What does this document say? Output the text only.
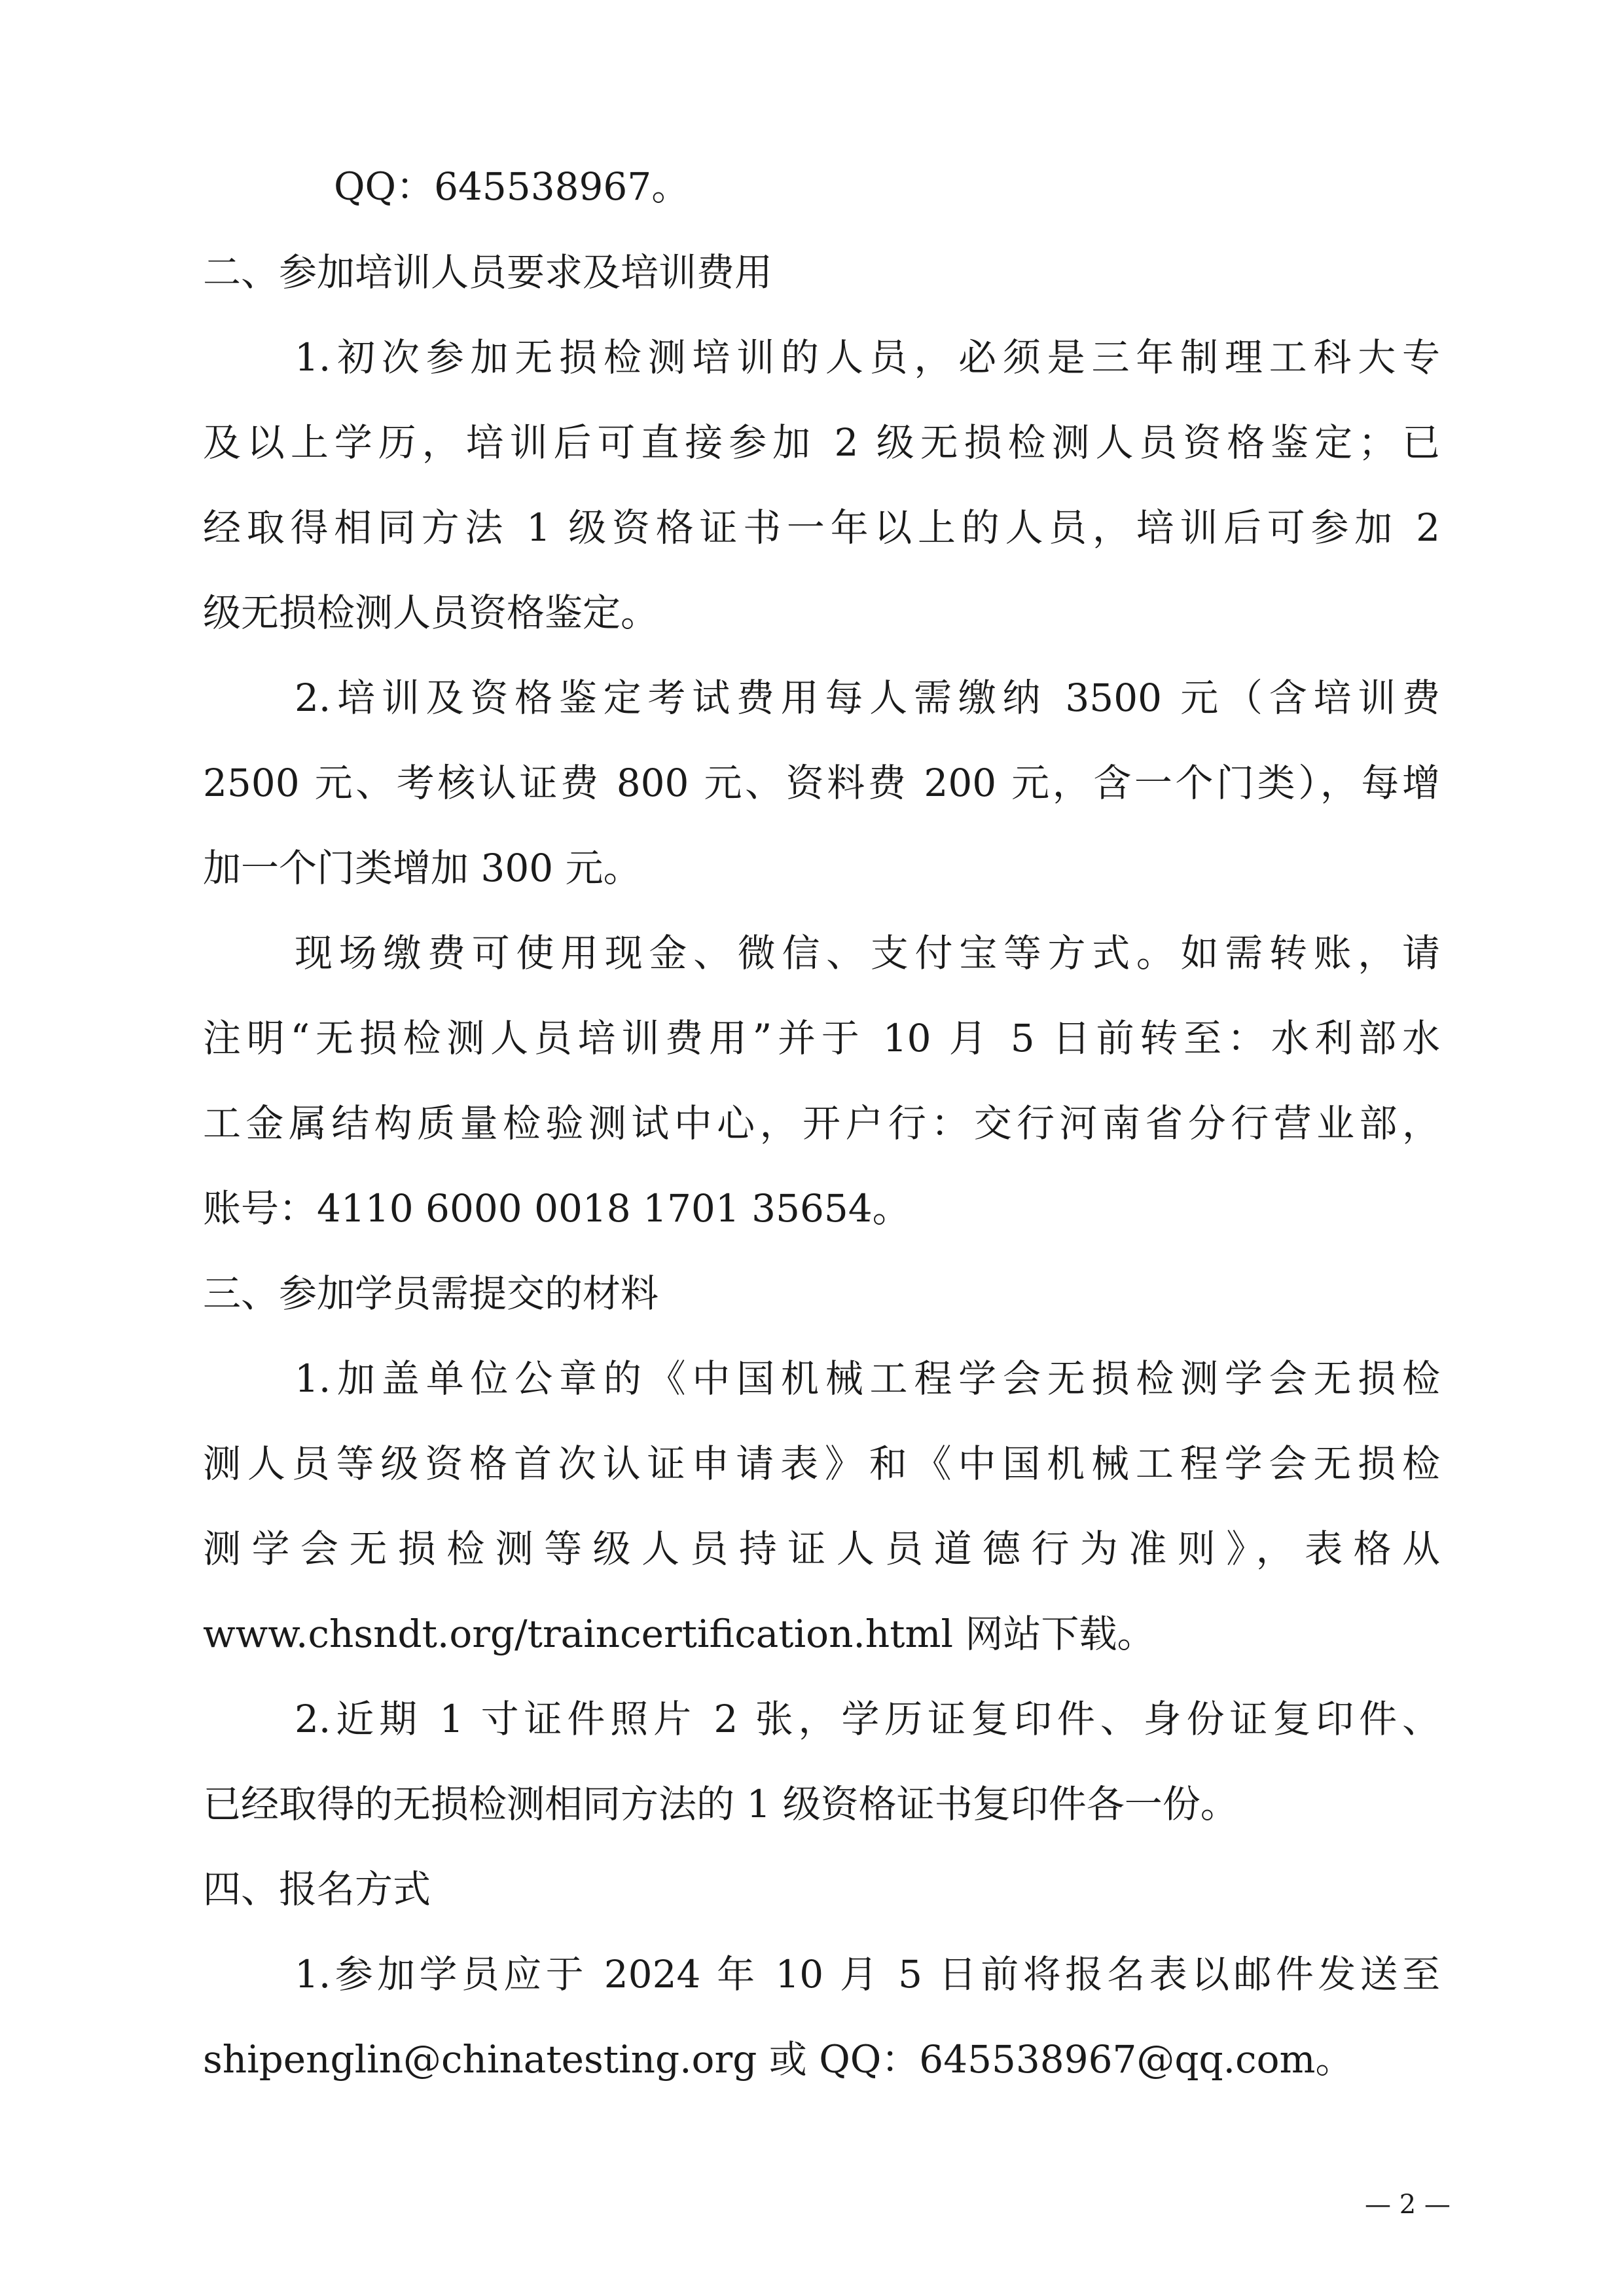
QQ：645538967。
二、参加培训人员要求及培训费用
1.初次参加无损检测培训的人员，必须是三年制理工科大专
及以上学历，培训后可直接参加 2 级无损检测人员资格鉴定；已
经取得相同方法 1 级资格证书一年以上的人员，培训后可参加 2
级无损检测人员资格鉴定。
2.培训及资格鉴定考试费用每人需缴纳 3500 元（含培训费
2500 元、考核认证费 800 元、资料费 200 元，含一个门类），每增
加一个门类增加 300 元。
现场缴费可使用现金、微信、支付宝等方式。如需转账，请
注明“无损检测人员培训费用”并于 10 月 5 日前转至：水利部水
工金属结构质量检验测试中心，开户行：交行河南省分行营业部，
账号：4110 6000 0018 1701 35654。
三、参加学员需提交的材料
1.加盖单位公章的《中国机械工程学会无损检测学会无损检
测人员等级资格首次认证申请表》和《中国机械工程学会无损检
测学会无损检测等级人员持证人员道德行为准则》，表格从
www.chsndt.org/traincertification.html 网站下载。
2.近期 1 寸证件照片 2 张，学历证复印件、身份证复印件、
已经取得的无损检测相同方法的 1 级资格证书复印件各一份。
四、报名方式
1.参加学员应于 2024 年 10 月 5 日前将报名表以邮件发送至
shipenglin@chinatesting.org 或 QQ：645538967@qq.com。
— 2 —
